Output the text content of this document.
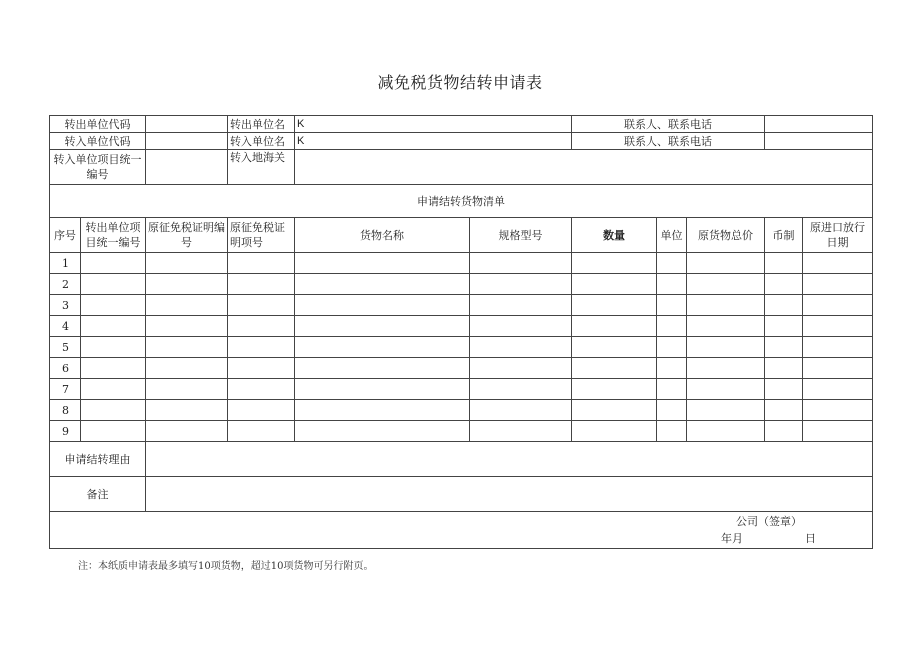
减免税货物结转申请表
转出单位代码			转出单位名	K		联系人、联系电话				
转入单位代码			转入单位名	K		联系人、联系电话				
转入单位项目统一编号			转入地海关							
申请结转货物清单										
序号	转出单位项目统一编号	原征免税证明编号	原征免税证明项号	货物名称	规格型号	数量	单位	原货物总价	币制	原进口放行日期
1										
2										
3										
4										
5										
6										
7										
8										
9										
申请结转理由										
备注										

公司（签章）
年月 日										
注：本纸质申请表最多填写10项货物，超过10项货物可另行附页。
